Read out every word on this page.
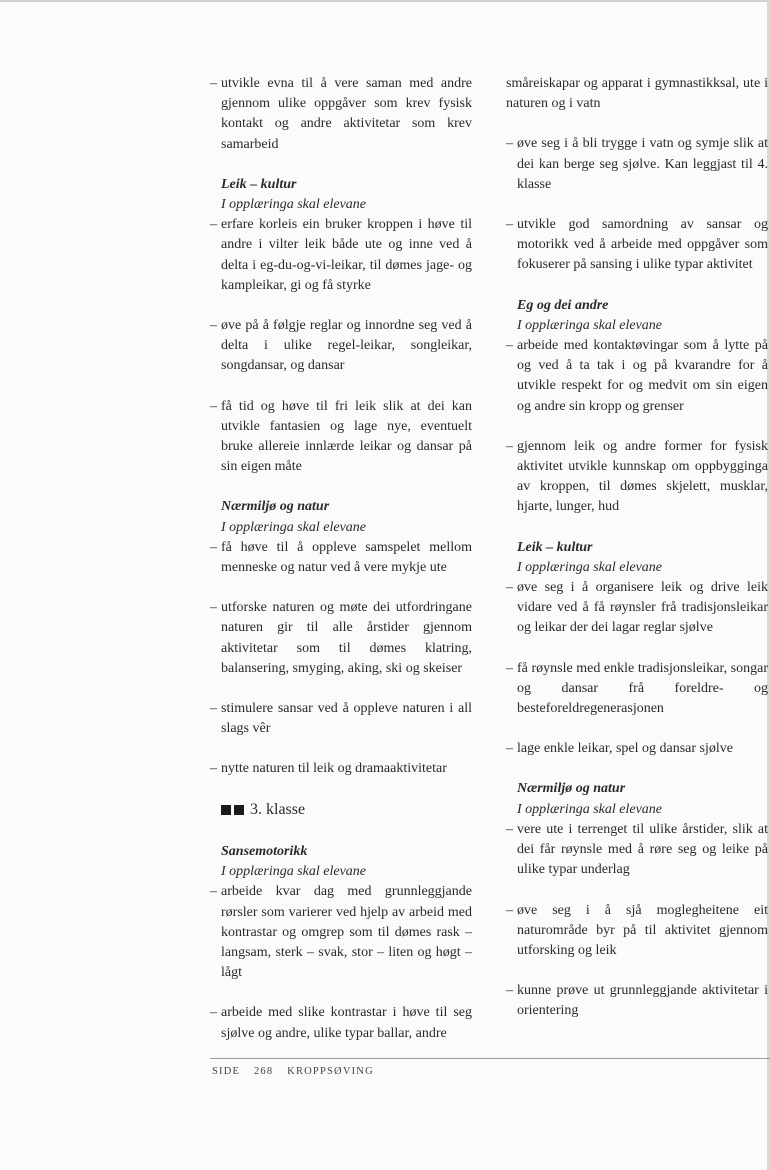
– utvikle evna til å vere saman med andre gjennom ulike oppgåver som krev fysisk kontakt og andre aktivitetar som krev samarbeid
Leik – kultur
I opplæringa skal elevane
– erfare korleis ein bruker kroppen i høve til andre i vilter leik både ute og inne ved å delta i eg-du-og-vi-leikar, til dømes jage- og kampleikar, gi og få styrke
– øve på å følgje reglar og innordne seg ved å delta i ulike regel-leikar, songleikar, songdansar, og dansar
– få tid og høve til fri leik slik at dei kan utvikle fantasien og lage nye, eventuelt bruke allereie innlærde leikar og dansar på sin eigen måte
Nærmiljø og natur
I opplæringa skal elevane
– få høve til å oppleve samspelet mellom menneske og natur ved å vere mykje ute
– utforske naturen og møte dei utfordringane naturen gir til alle årstider gjennom aktivitetar som til dømes klatring, balansering, smyging, aking, ski og skeiser
– stimulere sansar ved å oppleve naturen i all slags vêr
– nytte naturen til leik og dramaaktivitetar
3. klasse
Sansemotorikk
I opplæringa skal elevane
– arbeide kvar dag med grunnleggjande rørsler som varierer ved hjelp av arbeid med kontrastar og omgrep som til dømes rask – langsam, sterk – svak, stor – liten og høgt – lågt
– arbeide med slike kontrastar i høve til seg sjølve og andre, ulike typar ballar, andre
småreiskapar og apparat i gymnastikksal, ute i naturen og i vatn
– øve seg i å bli trygge i vatn og symje slik at dei kan berge seg sjølve. Kan leggjast til 4. klasse
– utvikle god samordning av sansar og motorikk ved å arbeide med oppgåver som fokuserer på sansing i ulike typar aktivitet
Eg og dei andre
I opplæringa skal elevane
– arbeide med kontaktøvingar som å lytte på og ved å ta tak i og på kvarandre for å utvikle respekt for og medvit om sin eigen og andre sin kropp og grenser
– gjennom leik og andre former for fysisk aktivitet utvikle kunnskap om oppbygginga av kroppen, til dømes skjelett, musklar, hjarte, lunger, hud
Leik – kultur
I opplæringa skal elevane
– øve seg i å organisere leik og drive leik vidare ved å få røynsler frå tradisjonsleikar og leikar der dei lagar reglar sjølve
– få røynsle med enkle tradisjonsleikar, songar og dansar frå foreldre- og besteforeldregenerasjonen
– lage enkle leikar, spel og dansar sjølve
Nærmiljø og natur
I opplæringa skal elevane
– vere ute i terrenget til ulike årstider, slik at dei får røynsle med å røre seg og leike på ulike typar underlag
– øve seg i å sjå moglegheitene eit naturområde byr på til aktivitet gjennom utforsking og leik
– kunne prøve ut grunnleggjande aktivitetar i orientering
SIDE 268 KROPPSØVING
